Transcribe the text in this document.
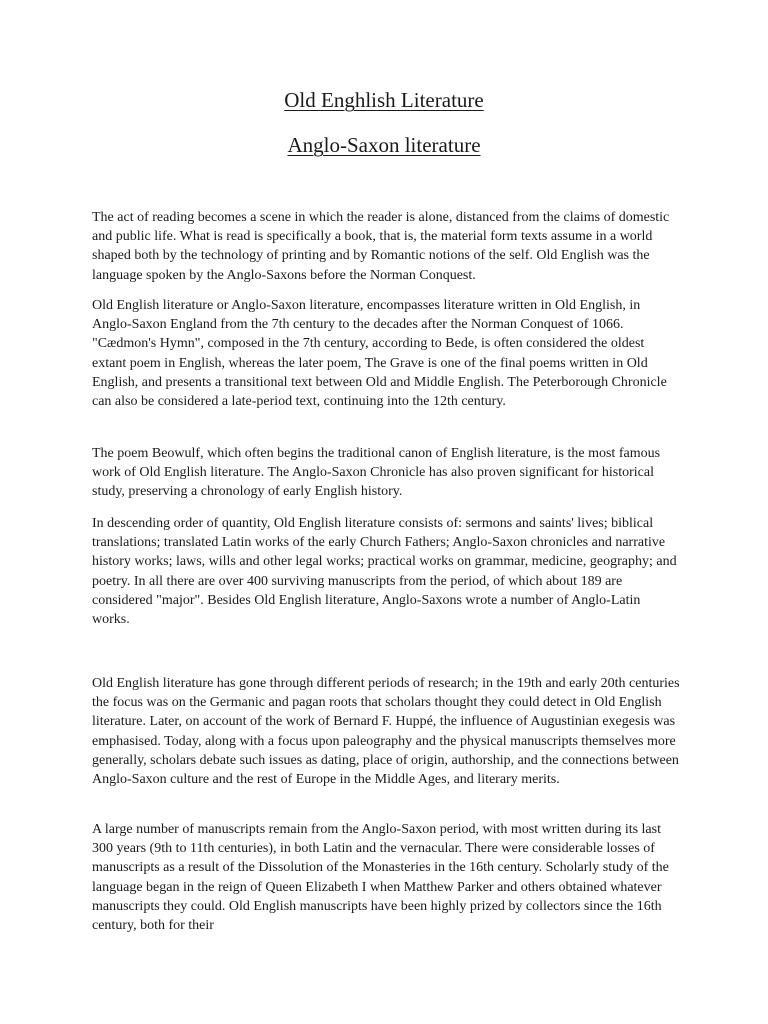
Old Enghlish Literature
Anglo-Saxon literature

The act of reading becomes a scene in which the reader is alone, distanced from the claims of domestic and public life. What is read is specifically a book, that is, the material form texts assume in a world shaped both by the technology of printing and by Romantic notions of the self. Old English was the language spoken by the Anglo-Saxons before the Norman Conquest.

Old English literature or Anglo-Saxon literature, encompasses literature written in Old English, in Anglo-Saxon England from the 7th century to the decades after the Norman Conquest of 1066. "Cædmon's Hymn", composed in the 7th century, according to Bede, is often considered the oldest extant poem in English, whereas the later poem, The Grave is one of the final poems written in Old English, and presents a transitional text between Old and Middle English. The Peterborough Chronicle can also be considered a late-period text, continuing into the 12th century.

The poem Beowulf, which often begins the traditional canon of English literature, is the most famous work of Old English literature. The Anglo-Saxon Chronicle has also proven significant for historical study, preserving a chronology of early English history.

In descending order of quantity, Old English literature consists of: sermons and saints' lives; biblical translations; translated Latin works of the early Church Fathers; Anglo-Saxon chronicles and narrative history works; laws, wills and other legal works; practical works on grammar, medicine, geography; and poetry. In all there are over 400 surviving manuscripts from the period, of which about 189 are considered "major". Besides Old English literature, Anglo-Saxons wrote a number of Anglo-Latin works.

Old English literature has gone through different periods of research; in the 19th and early 20th centuries the focus was on the Germanic and pagan roots that scholars thought they could detect in Old English literature. Later, on account of the work of Bernard F. Huppé, the influence of Augustinian exegesis was emphasised. Today, along with a focus upon paleography and the physical manuscripts themselves more generally, scholars debate such issues as dating, place of origin, authorship, and the connections between Anglo-Saxon culture and the rest of Europe in the Middle Ages, and literary merits.

A large number of manuscripts remain from the Anglo-Saxon period, with most written during its last 300 years (9th to 11th centuries), in both Latin and the vernacular. There were considerable losses of manuscripts as a result of the Dissolution of the Monasteries in the 16th century. Scholarly study of the language began in the reign of Queen Elizabeth I when Matthew Parker and others obtained whatever manuscripts they could. Old English manuscripts have been highly prized by collectors since the 16th century, both for their
